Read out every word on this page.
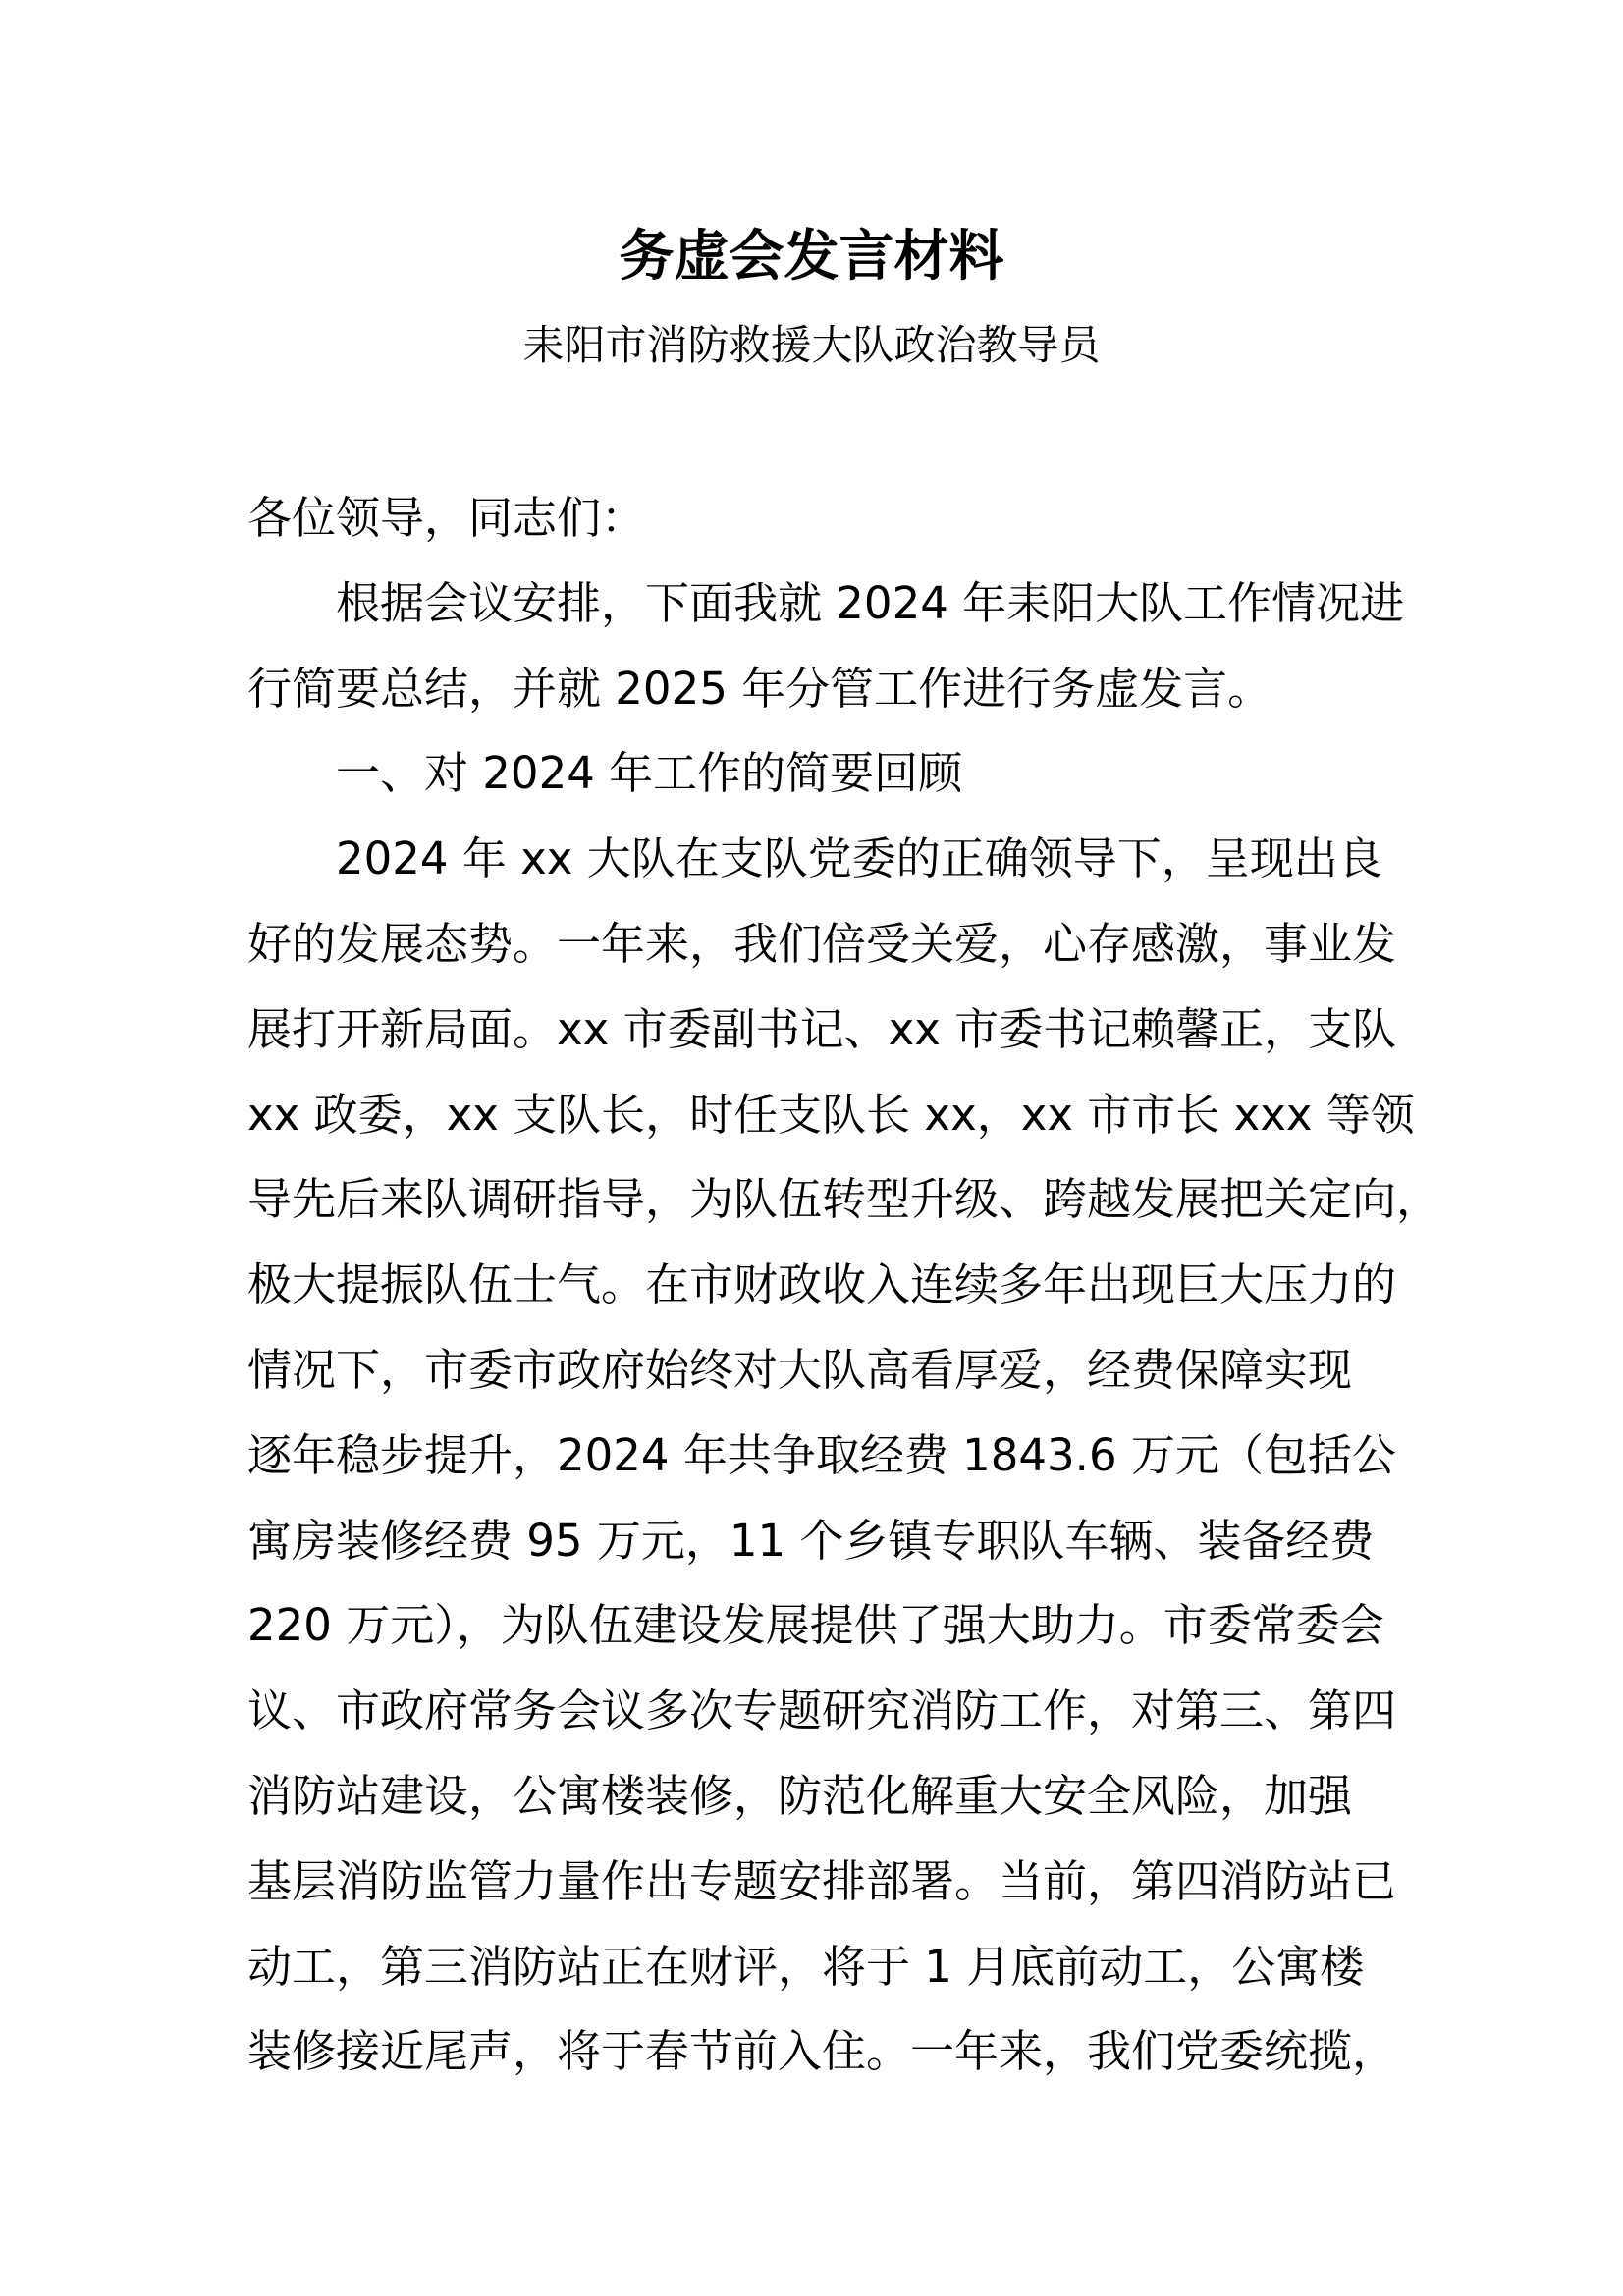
务虚会发言材料
耒阳市消防救援大队政治教导员
各位领导，同志们：
根据会议安排，下面我就 2024 年耒阳大队工作情况进
行简要总结，并就 2025 年分管工作进行务虚发言。
一、对 2024 年工作的简要回顾
2024 年 xx 大队在支队党委的正确领导下，呈现出良
好的发展态势。一年来，我们倍受关爱，心存感激，事业发
展打开新局面。xx 市委副书记、xx 市委书记赖馨正，支队
xx 政委，xx 支队长，时任支队长 xx，xx 市市长 xxx 等领
导先后来队调研指导，为队伍转型升级、跨越发展把关定向，
极大提振队伍士气。在市财政收入连续多年出现巨大压力的
情况下，市委市政府始终对大队高看厚爱，经费保障实现
逐年稳步提升，2024 年共争取经费 1843.6 万元（包括公
寓房装修经费 95 万元，11 个乡镇专职队车辆、装备经费
220 万元），为队伍建设发展提供了强大助力。市委常委会
议、市政府常务会议多次专题研究消防工作，对第三、第四
消防站建设，公寓楼装修，防范化解重大安全风险，加强
基层消防监管力量作出专题安排部署。当前，第四消防站已
动工，第三消防站正在财评，将于 1 月底前动工，公寓楼
装修接近尾声，将于春节前入住。一年来，我们党委统揽，
